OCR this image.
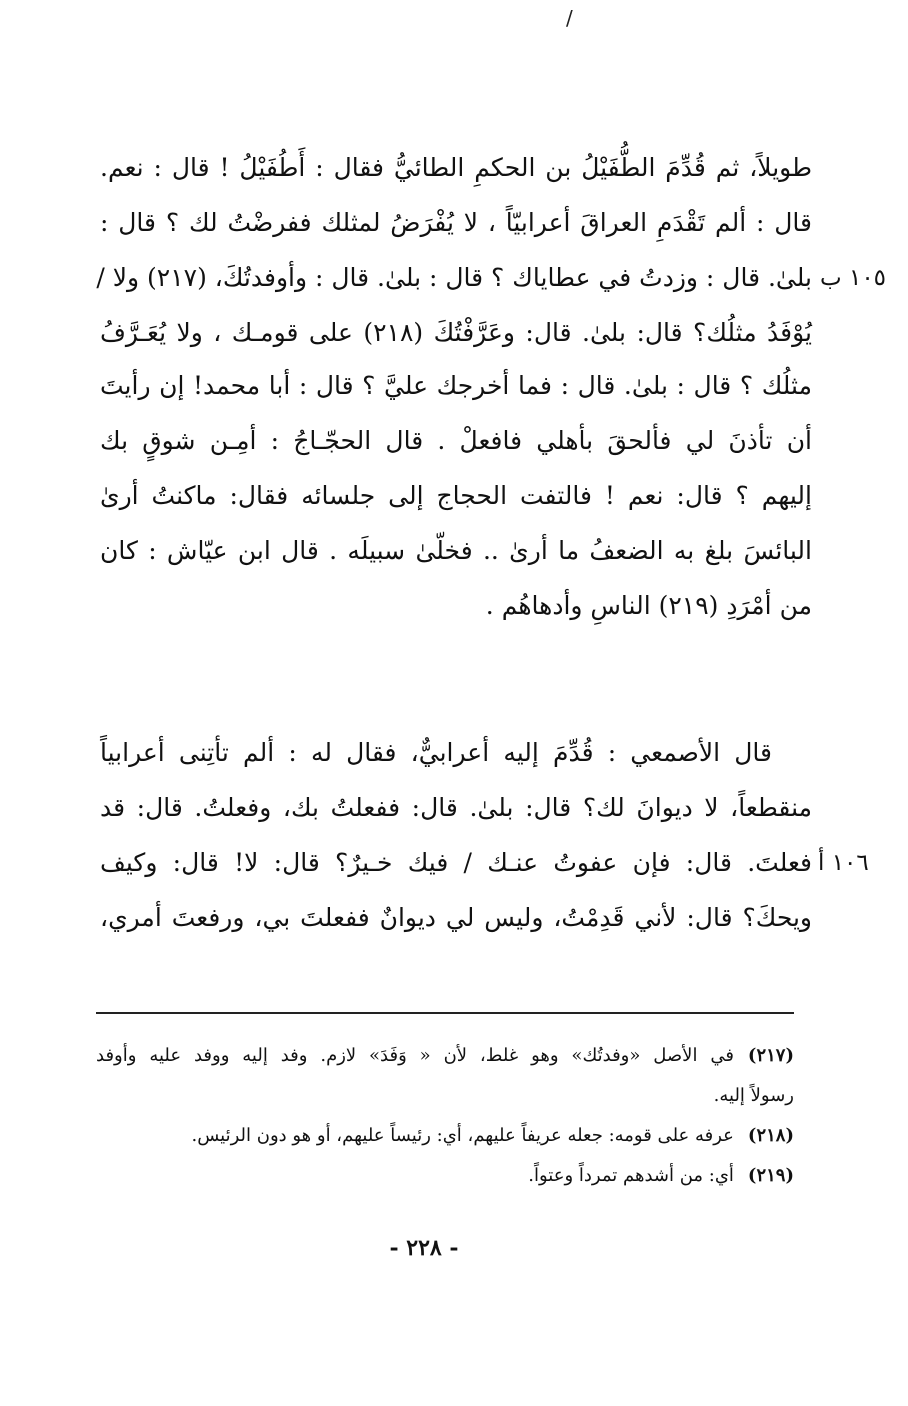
/
طويلاً، ثم قُدِّمَ الطُّفَيْلُ بن الحكمِ الطائيُّ فقال : أَطُفَيْلُ ! قال : نعم.
قال : ألم تَقْدَمِ العراقَ أعرابيّاً ، لا يُفْرَضُ لمثلك ففرضْتُ لك ؟ قال :
بلىٰ. قال : وزدتُ في عطاياك ؟ قال : بلىٰ. قال : وأوفدتُكَ، (٢١٧) ولا /
يُوْفَدُ مثلُك؟ قال: بلىٰ. قال: وعَرَّفْتُكَ (٢١٨) على قومـك ، ولا يُعَـرَّفُ
مثلُك ؟ قال : بلىٰ. قال : فما أخرجك عليَّ ؟ قال : أبا محمد! إن رأيتَ
أن تأذنَ لي فألحقَ بأهلي فافعلْ . قال الحجّـاجُ : أمِـن شوقٍ بك
إليهم ؟ قال: نعم ! فالتفت الحجاج إلى جلسائه فقال: ماكنتُ أرىٰ
البائسَ بلغ به الضعفُ ما أرىٰ .. فخلّىٰ سبيلَه . قال ابن عيّاش : كان
من أمْرَدِ (٢١٩) الناسِ وأدهاهُم .
١٠٥ ب
قال الأصمعي : قُدِّمَ إليه أعرابيٌّ، فقال له : ألم تأتِنى أعرابياً
منقطعاً، لا ديوانَ لك؟ قال: بلىٰ. قال: ففعلتُ بك، وفعلتُ. قال: قد
فعلتَ. قال: فإن عفوتُ عنـك / فيك خـيرٌ؟ قال: لا! قال: وكيف
ويحكَ؟ قال: لأني قَدِمْتُ، وليس لي ديوانٌ ففعلتَ بي، ورفعتَ أمري،
١٠٦ أ
(٢١٧)في الأصل «وفدتُك» وهو غلط، لأن « وَفَدَ» لازم. وفد إليه ووفد عليه وأوفد
رسولاً إليه.
(٢١٨)عرفه على قومه: جعله عريفاً عليهم، أي: رئيساً عليهم، أو هو دون الرئيس.
(٢١٩)أي: من أشدهم تمرداً وعتواً.
- ٢٢٨ -
